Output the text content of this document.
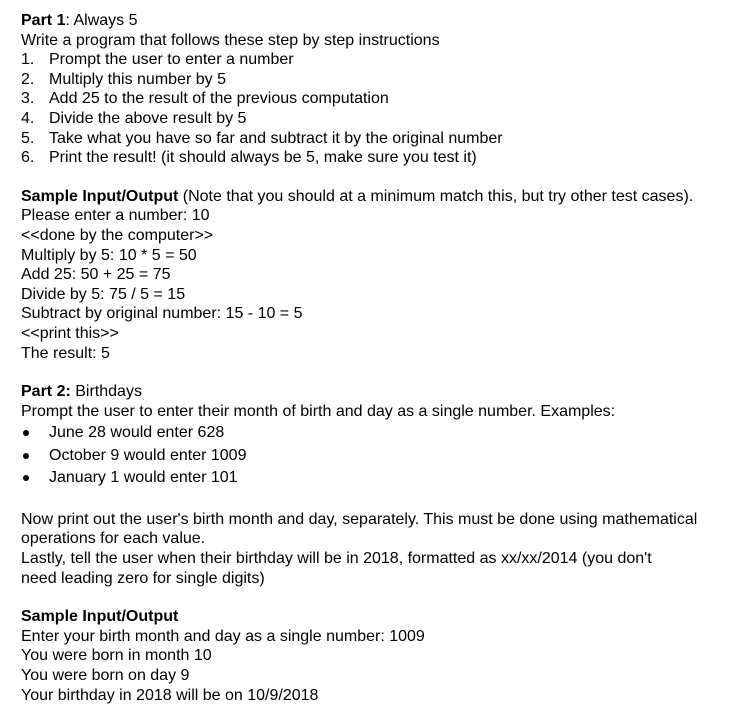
Part 1: Always 5
Write a program that follows these step by step instructions
1. Prompt the user to enter a number
2. Multiply this number by 5
3. Add 25 to the result of the previous computation
4. Divide the above result by 5
5. Take what you have so far and subtract it by the original number
6. Print the result! (it should always be 5, make sure you test it)
Sample Input/Output (Note that you should at a minimum match this, but try other test cases).
Please enter a number: 10
<<done by the computer>>
Multiply by 5: 10 * 5 = 50
Add 25: 50 + 25 = 75
Divide by 5: 75 / 5 = 15
Subtract by original number: 15 - 10 = 5
<<print this>>
The result: 5
Part 2: Birthdays
Prompt the user to enter their month of birth and day as a single number. Examples:
June 28 would enter 628
October 9 would enter 1009
January 1 would enter 101
Now print out the user's birth month and day, separately. This must be done using mathematical operations for each value.
Lastly, tell the user when their birthday will be in 2018, formatted as xx/xx/2014 (you don't
need leading zero for single digits)
Sample Input/Output
Enter your birth month and day as a single number: 1009
You were born in month 10
You were born on day 9
Your birthday in 2018 will be on 10/9/2018
